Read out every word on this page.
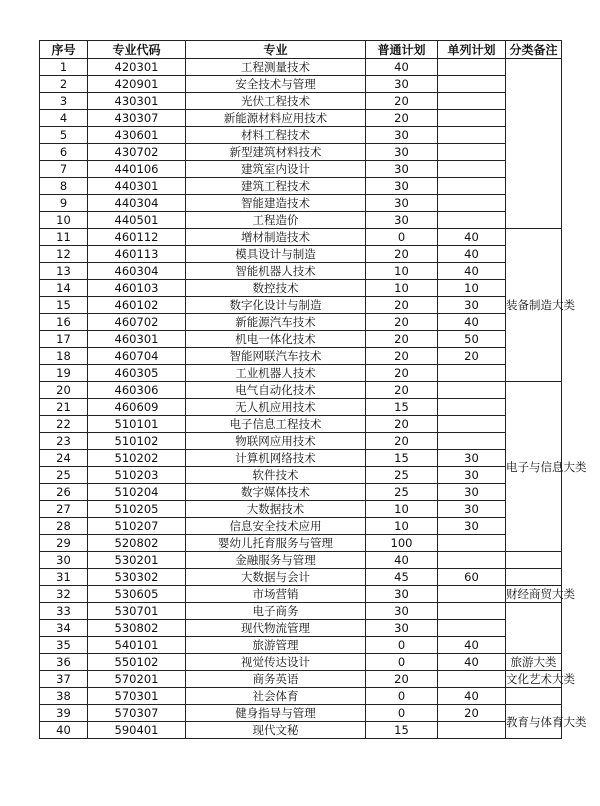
序号	专业代码	专业	普通计划	单列计划	分类备注
1	420301	工程测量技术	40		
2	420901	安全技术与管理	30		
3	430301	光伏工程技术	20		
4	430307	新能源材料应用技术	20		
5	430601	材料工程技术	30		
6	430702	新型建筑材料技术	30		
7	440106	建筑室内设计	30		
8	440301	建筑工程技术	30		
9	440304	智能建造技术	30		
10	440501	工程造价	30		
11	460112	增材制造技术	0	40	装备制造大类
12	460113	模具设计与制造	20	40	
13	460304	智能机器人技术	10	40	
14	460103	数控技术	10	10	
15	460102	数字化设计与制造	20	30	
16	460702	新能源汽车技术	20	40	
17	460301	机电一体化技术	20	50	
18	460704	智能网联汽车技术	20	20	
19	460305	工业机器人技术	20		
20	460306	电气自动化技术	20		电子与信息大类
21	460609	无人机应用技术	15		
22	510101	电子信息工程技术	20		
23	510102	物联网应用技术	20		
24	510202	计算机网络技术	15	30	
25	510203	软件技术	25	30	
26	510204	数字媒体技术	25	30	
27	510205	大数据技术	10	30	
28	510207	信息安全技术应用	10	30	
29	520802	婴幼儿托育服务与管理	100		
30	530201	金融服务与管理	40		
31	530302	大数据与会计	45	60	
32	530605	市场营销	30		财经商贸大类
33	530701	电子商务	30		
34	530802	现代物流管理	30		
35	540101	旅游管理	0	40	
36	550102	视觉传达设计	0	40	旅游大类
37	570201	商务英语	20		文化艺术大类
38	570301	社会体育	0	40	
39	570307	健身指导与管理	0	20	教育与体育大类
40	590401	现代文秘	15		
